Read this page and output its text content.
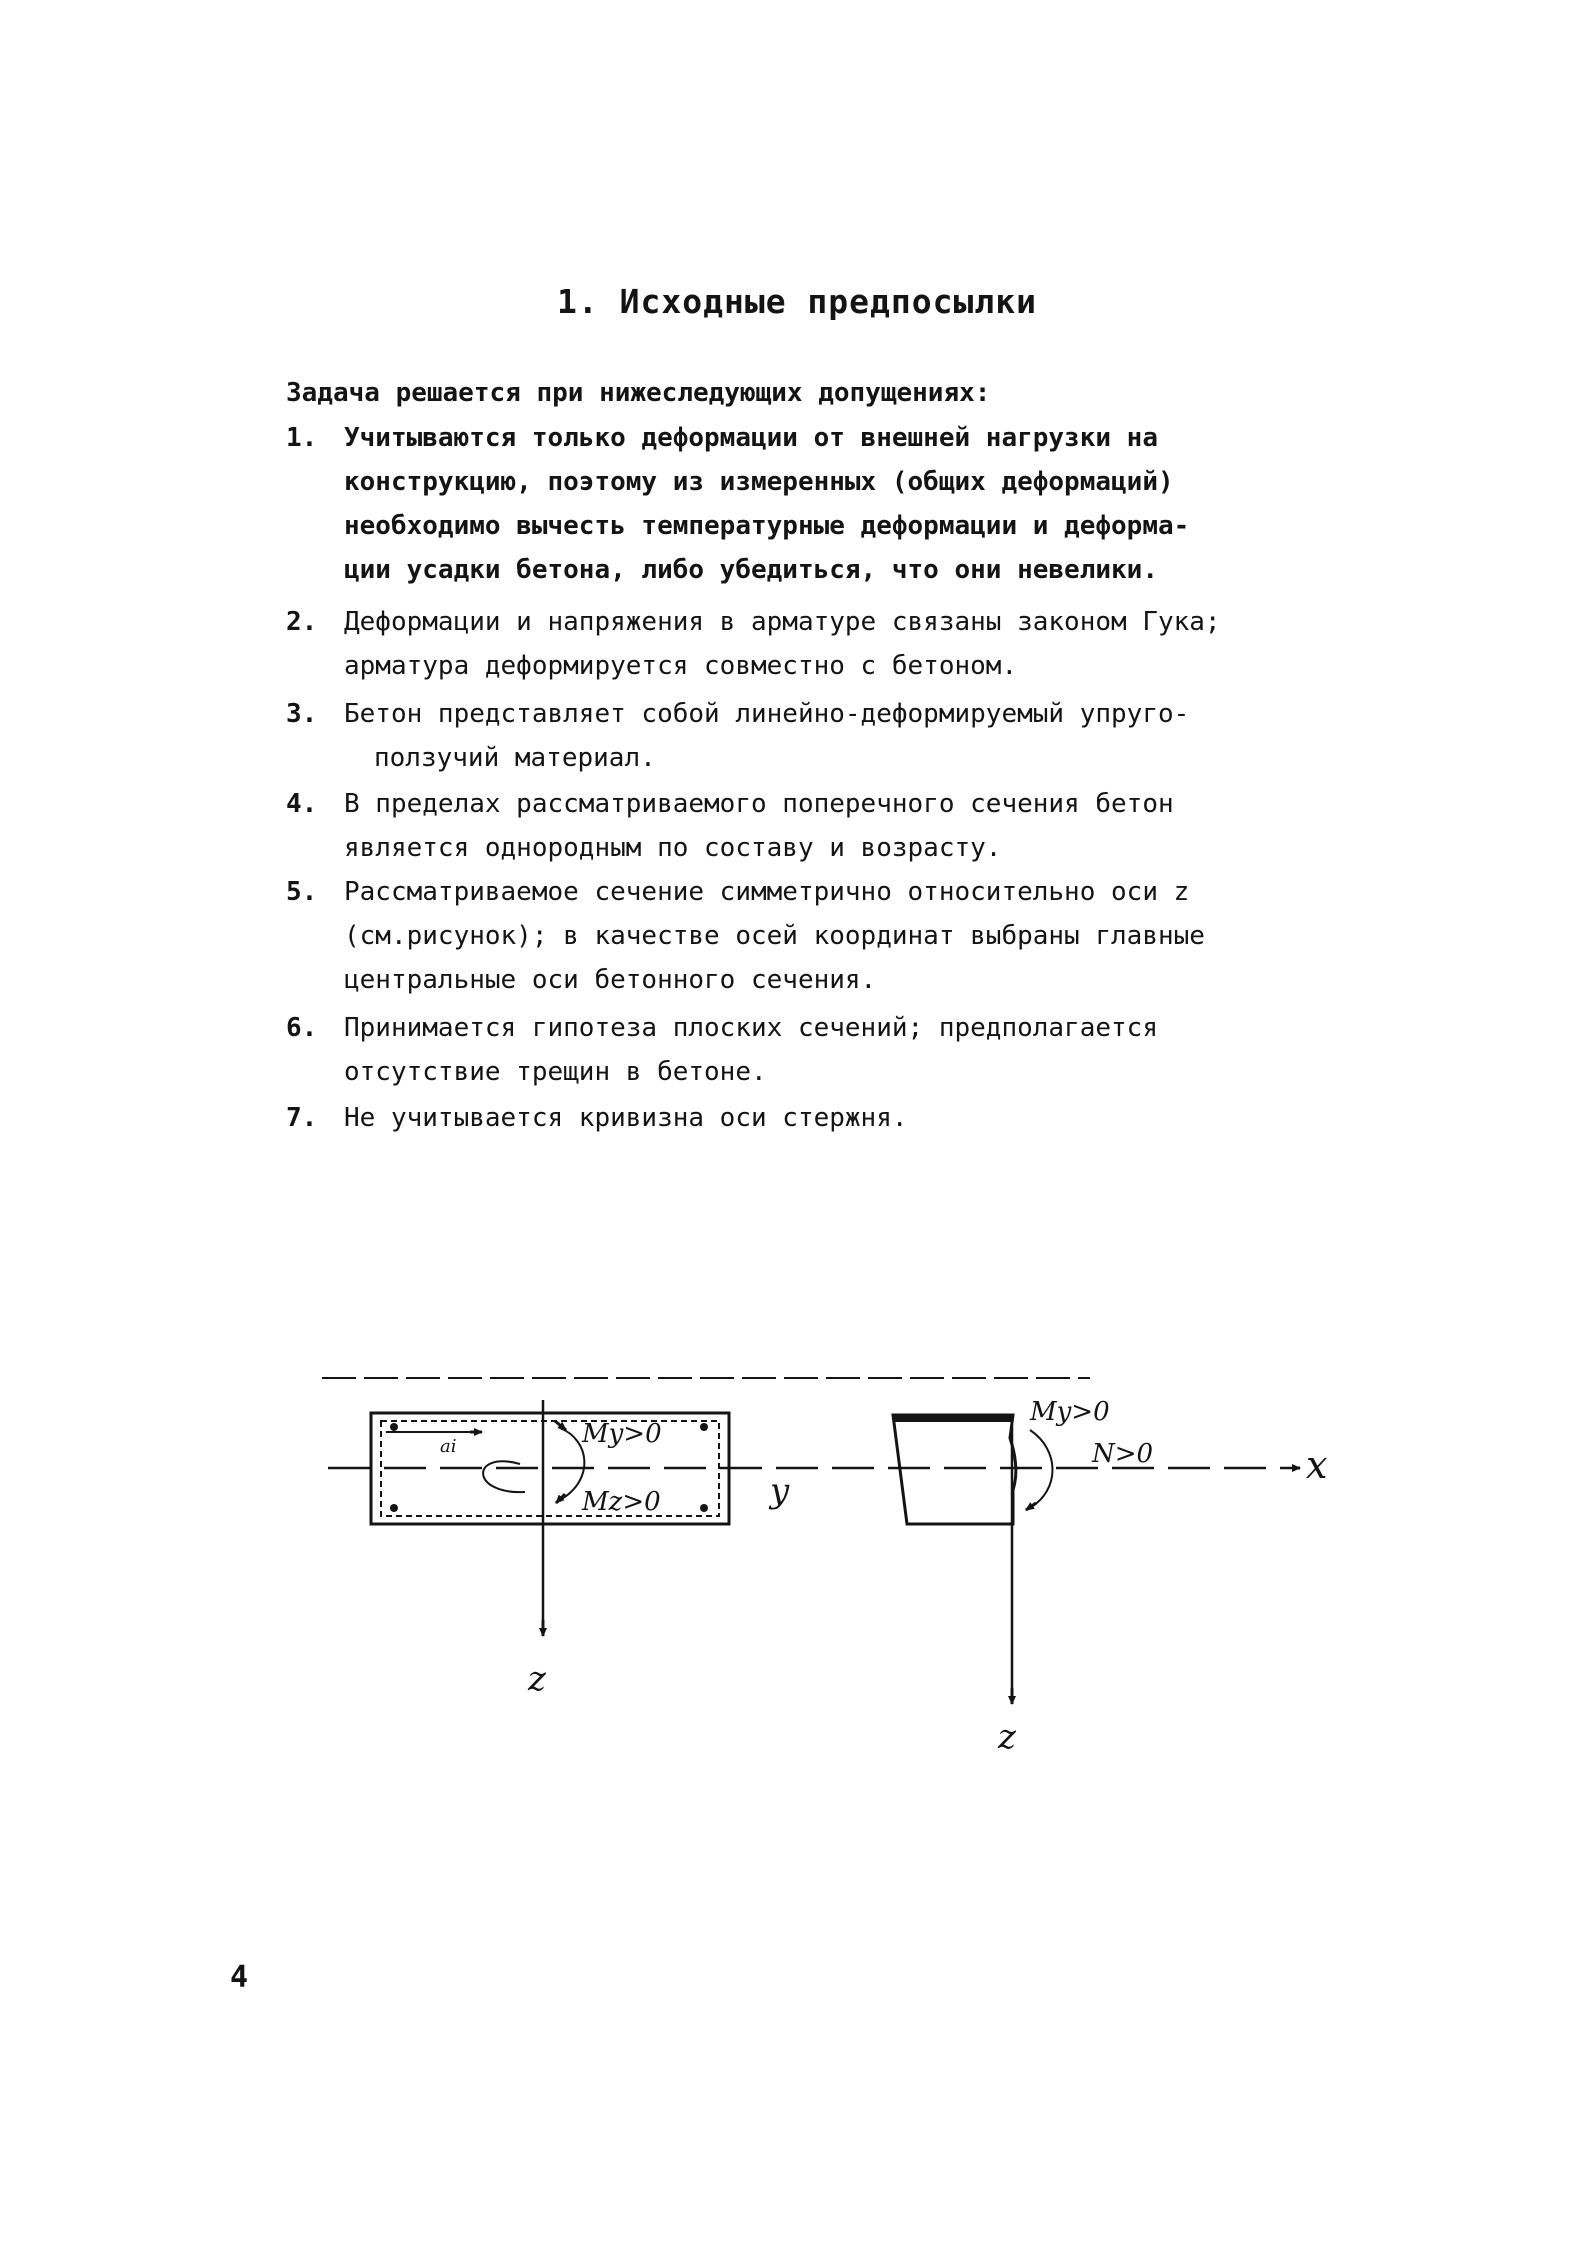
1. Исходные предпосылки
Задача решается при нижеследующих допущениях:
1.	Учитываются только деформации от внешней нагрузки на
конструкцию, поэтому из измеренных (общих деформаций)
необходимо вычесть температурные деформации и деформа-
ции усадки бетона, либо убедиться, что они невелики.
2.	Деформации и напряжения в арматуре связаны законом Гука;
арматура деформируется совместно с бетоном.
3.	Бетон представляет собой линейно-деформируемый упруго-
ползучий материал.
4.	В пределах рассматриваемого поперечного сечения бетон
является однородным по составу и возрасту.
5.	Рассматриваемое сечение симметрично относительно оси z
(см.рисунок); в качестве осей координат выбраны главные
центральные оси бетонного сечения.
6.	Принимается гипотеза плоских сечений; предполагается
отсутствие трещин в бетоне.
7.	Не учитывается кривизна оси стержня.
ai	My>0
Mz>0	y
z
My>0
N>0	x
z
4
